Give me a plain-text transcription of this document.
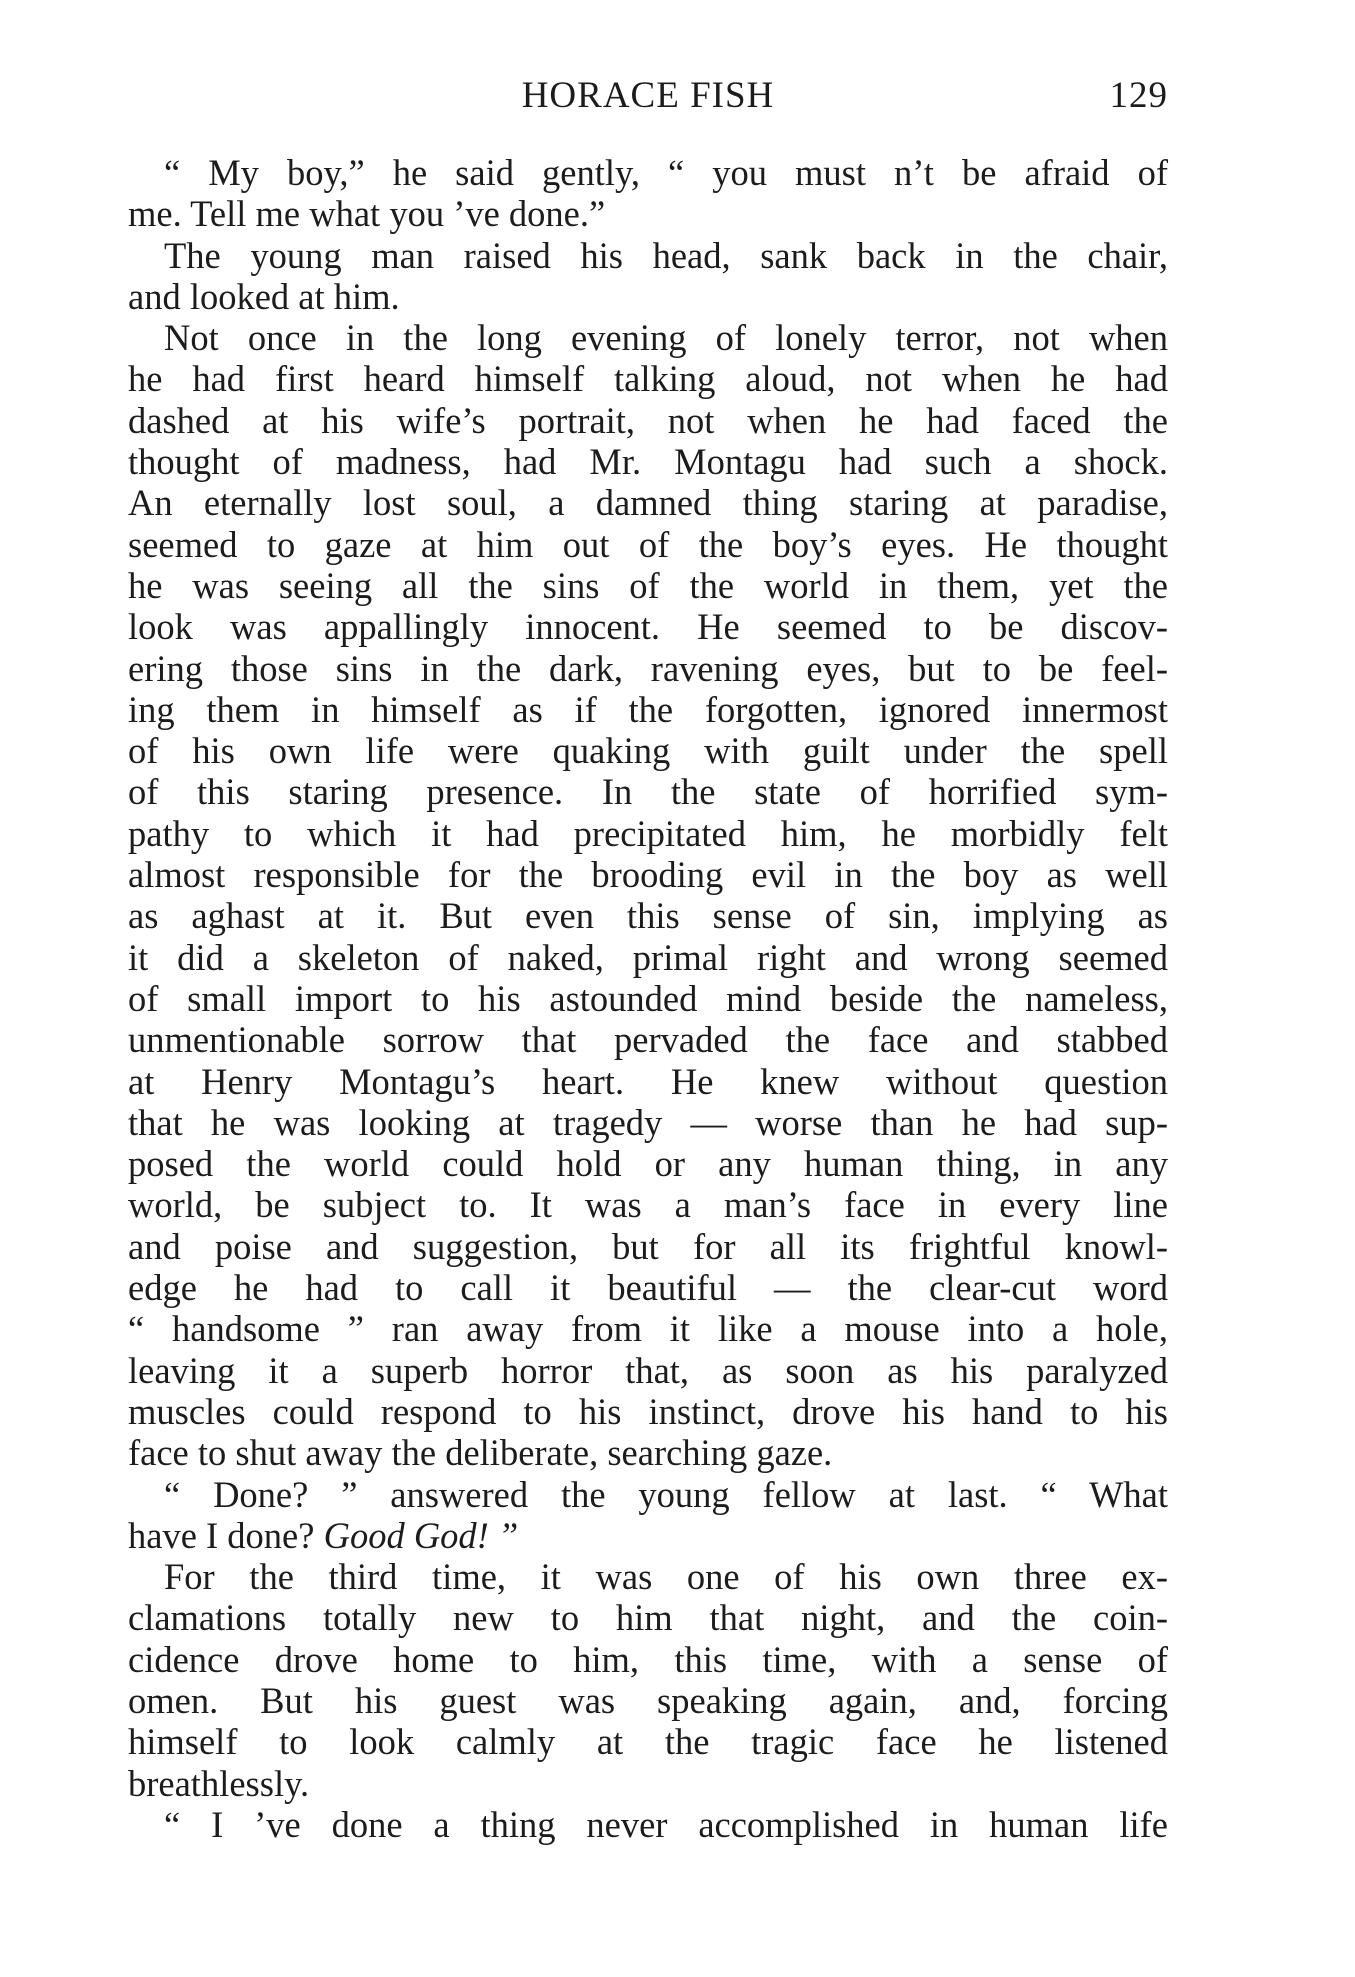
HORACE FISH	129
“ My boy,” he said gently, “ you must n’t be afraid of
me. Tell me what you ’ve done.”
The young man raised his head, sank back in the chair,
and looked at him.
Not once in the long evening of lonely terror, not when
he had first heard himself talking aloud, not when he had
dashed at his wife’s portrait, not when he had faced the
thought of madness, had Mr. Montagu had such a shock.
An eternally lost soul, a damned thing staring at paradise,
seemed to gaze at him out of the boy’s eyes. He thought
he was seeing all the sins of the world in them, yet the
look was appallingly innocent. He seemed to be discov-
ering those sins in the dark, ravening eyes, but to be feel-
ing them in himself as if the forgotten, ignored innermost
of his own life were quaking with guilt under the spell
of this staring presence. In the state of horrified sym-
pathy to which it had precipitated him, he morbidly felt
almost responsible for the brooding evil in the boy as well
as aghast at it. But even this sense of sin, implying as
it did a skeleton of naked, primal right and wrong seemed
of small import to his astounded mind beside the nameless,
unmentionable sorrow that pervaded the face and stabbed
at Henry Montagu’s heart. He knew without question
that he was looking at tragedy — worse than he had sup-
posed the world could hold or any human thing, in any
world, be subject to. It was a man’s face in every line
and poise and suggestion, but for all its frightful knowl-
edge he had to call it beautiful — the clear-cut word
“ handsome ” ran away from it like a mouse into a hole,
leaving it a superb horror that, as soon as his paralyzed
muscles could respond to his instinct, drove his hand to his
face to shut away the deliberate, searching gaze.
“ Done? ” answered the young fellow at last. “ What
have I done? Good God! ”
For the third time, it was one of his own three ex-
clamations totally new to him that night, and the coin-
cidence drove home to him, this time, with a sense of
omen. But his guest was speaking again, and, forcing
himself to look calmly at the tragic face he listened
breathlessly.
“ I ’ve done a thing never accomplished in human life
